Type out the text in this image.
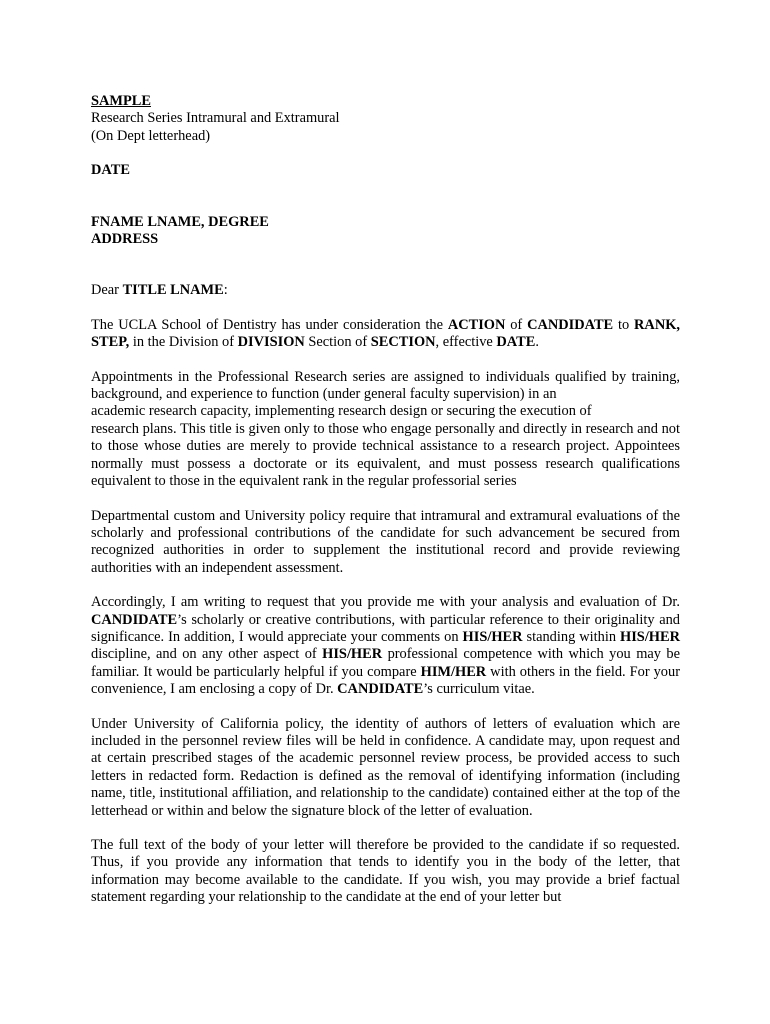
SAMPLE

Research Series Intramural and Extramural

(On Dept letterhead)

DATE

FNAME LNAME, DEGREE

ADDRESS

Dear TITLE LNAME:

The UCLA School of Dentistry has under consideration the ACTION of CANDIDATE to RANK, STEP, in the Division of DIVISION Section of SECTION, effective DATE.

Appointments in the Professional Research series are assigned to individuals qualified by training, background, and experience to function (under general faculty supervision) in an
academic research capacity, implementing research design or securing the execution of
research plans. This title is given only to those who engage personally and directly in research and not to those whose duties are merely to provide technical assistance to a research project. Appointees normally must possess a doctorate or its equivalent, and must possess research qualifications equivalent to those in the equivalent rank in the regular professorial series

Departmental custom and University policy require that intramural and extramural evaluations of the scholarly and professional contributions of the candidate for such advancement be secured from recognized authorities in order to supplement the institutional record and provide reviewing authorities with an independent assessment.

Accordingly, I am writing to request that you provide me with your analysis and evaluation of Dr. CANDIDATE’s scholarly or creative contributions, with particular reference to their originality and significance. In addition, I would appreciate your comments on HIS/HER standing within HIS/HER discipline, and on any other aspect of HIS/HER professional competence with which you may be familiar. It would be particularly helpful if you compare HIM/HER with others in the field. For your convenience, I am enclosing a copy of Dr. CANDIDATE’s curriculum vitae.

Under University of California policy, the identity of authors of letters of evaluation which are included in the personnel review files will be held in confidence. A candidate may, upon request and at certain prescribed stages of the academic personnel review process, be provided access to such letters in redacted form. Redaction is defined as the removal of identifying information (including name, title, institutional affiliation, and relationship to the candidate) contained either at the top of the letterhead or within and below the signature block of the letter of evaluation.

The full text of the body of your letter will therefore be provided to the candidate if so requested. Thus, if you provide any information that tends to identify you in the body of the letter, that information may become available to the candidate. If you wish, you may provide a brief factual statement regarding your relationship to the candidate at the end of your letter but
